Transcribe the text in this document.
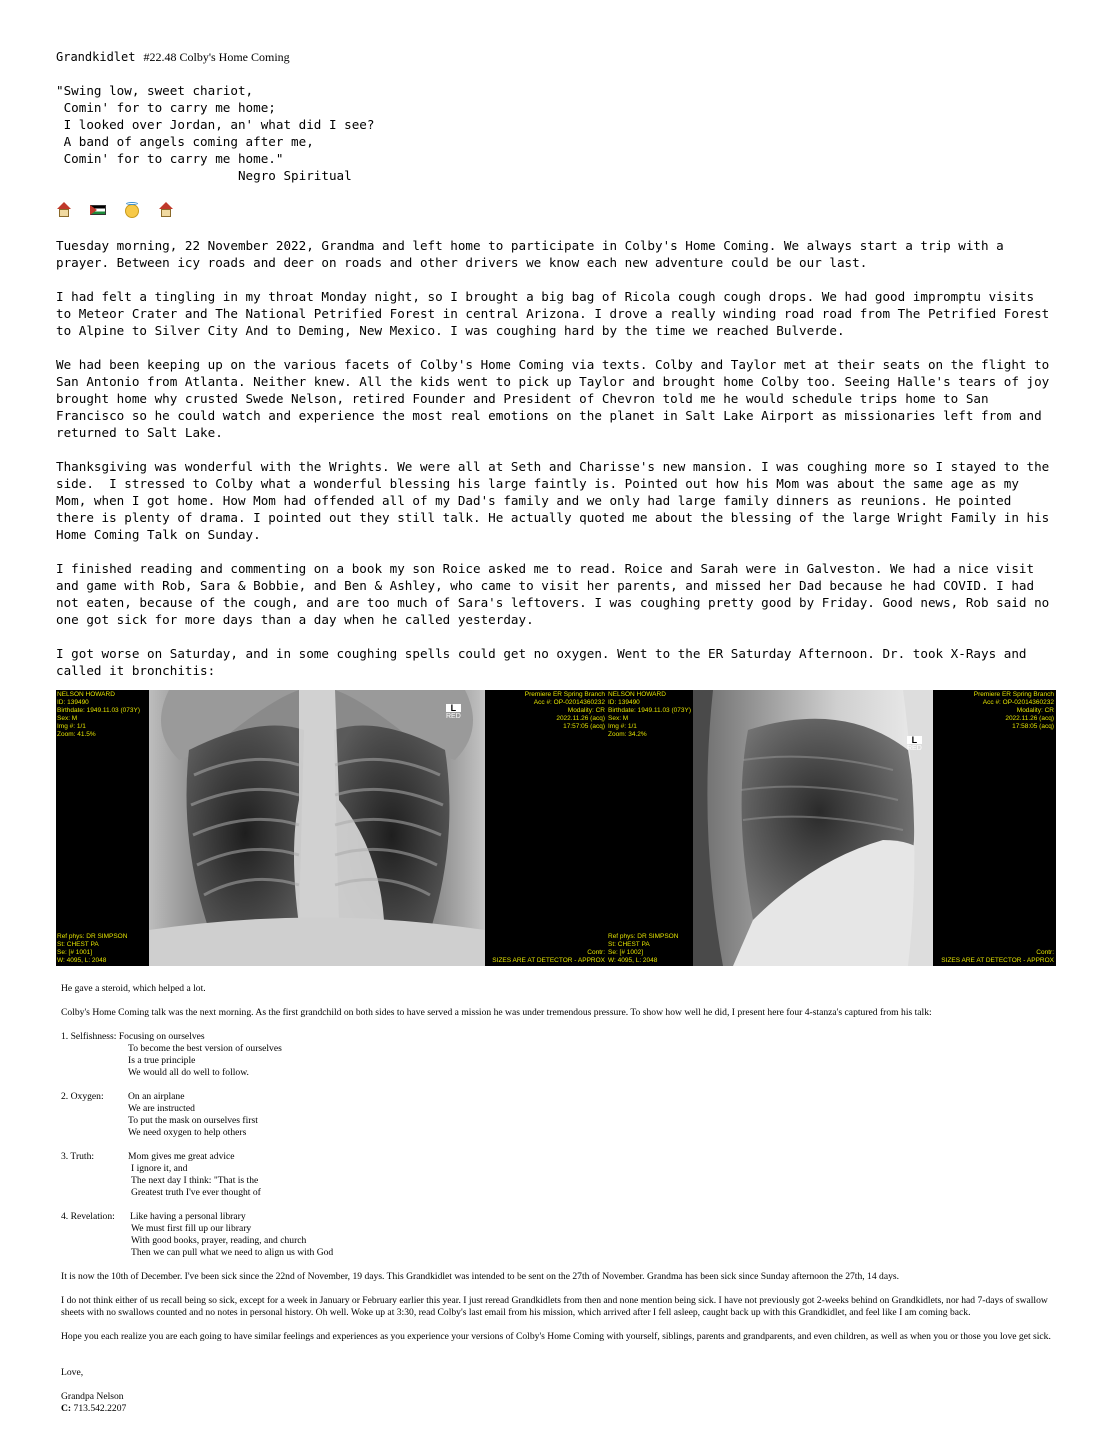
Grandkidlet #22.48 Colby's Home Coming
"Swing low, sweet chariot,
Comin' for to carry me home;
I looked over Jordan, an' what did I see?
A band of angels coming after me,
Comin' for to carry me home."
Negro Spiritual

Tuesday morning, 22 November 2022, Grandma and left home to participate in Colby's Home Coming. We always start a trip with a prayer. Between icy roads and deer on roads and other drivers we know each new adventure could be our last.

I had felt a tingling in my throat Monday night, so I brought a big bag of Ricola cough cough drops. We had good impromptu visits to Meteor Crater and The National Petrified Forest in central Arizona. I drove a really winding road road from The Petrified Forest to Alpine to Silver City And to Deming, New Mexico. I was coughing hard by the time we reached Bulverde.

We had been keeping up on the various facets of Colby's Home Coming via texts. Colby and Taylor met at their seats on the flight to San Antonio from Atlanta. Neither knew. All the kids went to pick up Taylor and brought home Colby too. Seeing Halle's tears of joy brought home why crusted Swede Nelson, retired Founder and President of Chevron told me he would schedule trips home to San Francisco so he could watch and experience the most real emotions on the planet in Salt Lake Airport as missionaries left from and returned to Salt Lake.

Thanksgiving was wonderful with the Wrights. We were all at Seth and Charisse's new mansion. I was coughing more so I stayed to the side.  I stressed to Colby what a wonderful blessing his large faintly is. Pointed out how his Mom was about the same age as my Mom, when I got home. How Mom had offended all of my Dad's family and we only had large family dinners as reunions. He pointed there is plenty of drama. I pointed out they still talk. He actually quoted me about the blessing of the large Wright Family in his Home Coming Talk on Sunday.

I finished reading and commenting on a book my son Roice asked me to read. Roice and Sarah were in Galveston. We had a nice visit and game with Rob, Sara & Bobbie, and Ben & Ashley, who came to visit her parents, and missed her Dad because he had COVID. I had not eaten, because of the cough, and are too much of Sara's leftovers. I was coughing pretty good by Friday. Good news, Rob said no one got sick for more days than a day when he called yesterday.

I got worse on Saturday, and in some coughing spells could get no oxygen. Went to the ER Saturday Afternoon. Dr. took X-Rays and called it bronchitis:

L
RED
NELSON HOWARD
ID: 139490
Birthdate: 1949.11.03 (073Y)
Sex: M
Img #: 1/1
Zoom: 41.5%
Premiere ER Spring Branch
Acc #: OP-02014360232
Modality: CR
2022.11.26 (acq)
17:57:05 (acq)
Ref phys: DR SIMPSON
St: CHEST PA
Se: [# 1001]
W: 4095, L: 2048
Contr:
SIZES ARE AT DETECTOR - APPROX
L
RED
NELSON HOWARD
ID: 139490
Birthdate: 1949.11.03 (073Y)
Sex: M
Img #: 1/1
Zoom: 34.2%
Premiere ER Spring Branch
Acc #: OP-02014360232
Modality: CR
2022.11.26 (acq)
17:58:05 (acq)
Ref phys: DR SIMPSON
St: CHEST PA
Se: [# 1002]
W: 4095, L: 2048
Contr:
SIZES ARE AT DETECTOR - APPROX

He gave a steroid, which helped a lot.

Colby's Home Coming talk was the next morning. As the first grandchild on both sides to have served a mission he was under tremendous pressure. To show how well he did, I present here four 4-stanza's captured from his talk:

1. Selfishness: Focusing on ourselves
To become the best version of ourselves
Is a true principle
We would all do well to follow.
2. Oxygen:       On an airplane
We are instructed
To put the mask on ourselves first
We need oxygen to help others
3. Truth:           Mom gives me great advice
I ignore it, and
The next day I think: "That is the
Greatest truth I've ever thought of
4. Revelation:    Like having a personal library
We must first fill up our library
With good books, prayer, reading, and church
Then we can pull what we need to align us with God

It is now the 10th of December. I've been sick since the 22nd of November, 19 days. This Grandkidlet was intended to be sent on the 27th of November. Grandma has been sick since Sunday afternoon the 27th, 14 days.

I do not think either of us recall being so sick, except for a week in January or February earlier this year. I just reread Grandkidlets from then and none mention being sick. I have not previously got 2-weeks behind on Grandkidlets, nor had 7-days of swallow sheets with no swallows counted and no notes in personal history. Oh well. Woke up at 3:30, read Colby's last email from his mission, which arrived after I fell asleep, caught back up with this Grandkidlet, and feel like I am coming back.

Hope you each realize you are each going to have similar feelings and experiences as you experience your versions of Colby's Home Coming with yourself, siblings, parents and grandparents, and even children, as well as when you or those you love get sick.

Love,

Grandpa Nelson

C: 713.542.2207
